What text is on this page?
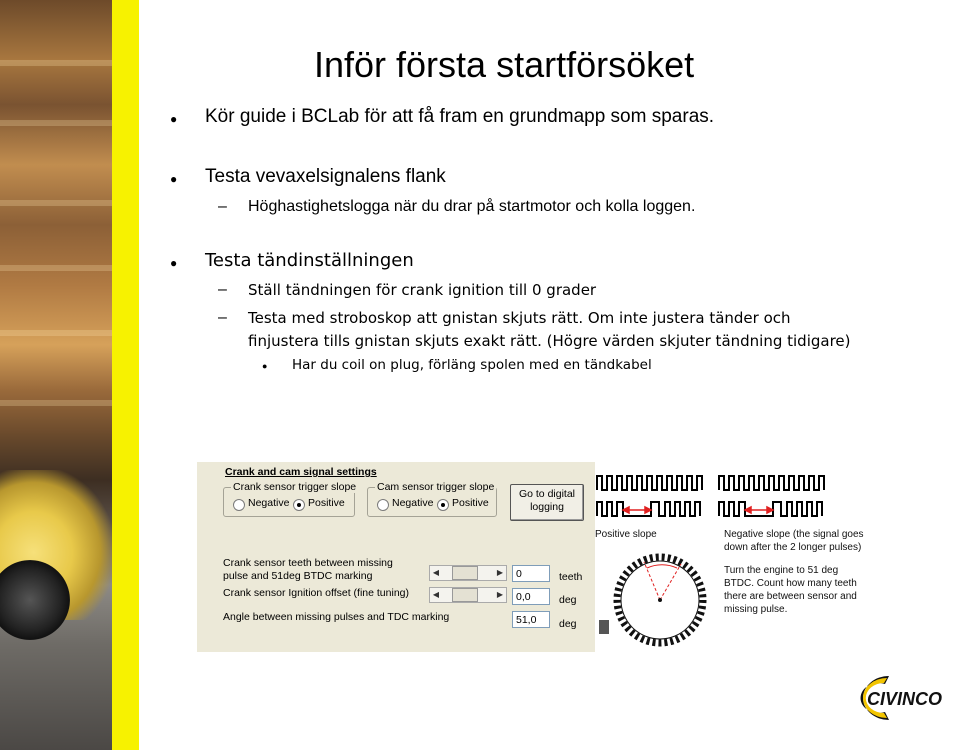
Inför första startförsöket
● Kör guide i BCLab för att få fram en grundmapp som sparas.
● Testa vevaxelsignalens flank
– Höghastighetslogga när du drar på startmotor och kolla loggen.
● Testa tändinställningen
– Ställ tändningen för crank ignition till 0 grader
– Testa med stroboskop att gnistan skjuts rätt. Om inte justera tänder och
finjustera tills gnistan skjuts exakt rätt. (Högre värden skjuter tändning tidigare)
● Har du coil on plug, förläng spolen med en tändkabel
Crank and cam signal settings
Crank sensor trigger slope
Negative Positive
Cam sensor trigger slope
Negative Positive
Go to digital
logging
Crank sensor teeth between missing
pulse and 51deg BTDC marking	◀	▶	0	teeth
Crank sensor Ignition offset (fine tuning)	◀	▶	0,0	deg
Angle between missing pulses and TDC marking	51,0	deg
Positive slope	Negative slope (the signal goes
down after the 2 longer pulses)
Turn the engine to 51 deg
BTDC. Count how many teeth
there are between sensor and
missing pulse.
CIVINCO
